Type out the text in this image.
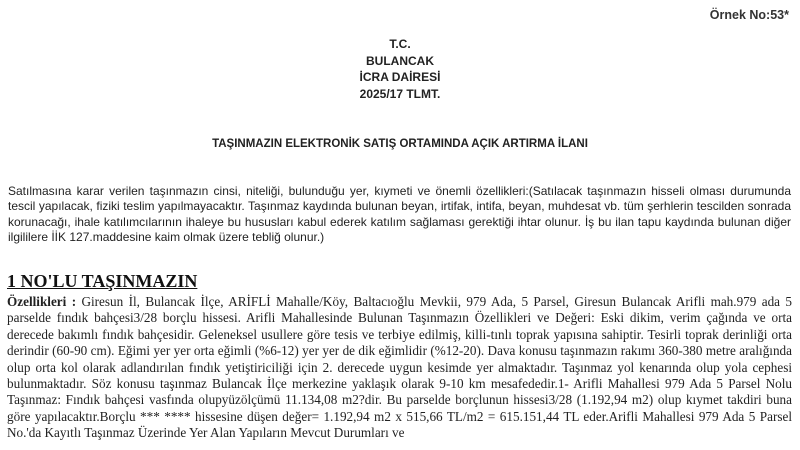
Örnek No:53*
T.C.
BULANCAK
İCRA DAİRESİ
2025/17 TLMT.
TAŞINMAZIN ELEKTRONİK SATIŞ ORTAMINDA AÇIK ARTIRMA İLANI
Satılmasına karar verilen taşınmazın cinsi, niteliği, bulunduğu yer, kıymeti ve önemli özellikleri:(Satılacak taşınmazın hisseli olması durumunda tescil yapılacak, fiziki teslim yapılmayacaktır. Taşınmaz kaydında bulunan beyan, irtifak, intifa, beyan, muhdesat vb. tüm şerhlerin tescilden sonrada korunacağı, ihale katılımcılarının ihaleye bu hususları kabul ederek katılım sağlaması gerektiği ihtar olunur. İş bu ilan tapu kaydında bulunan diğer ilgililere İİK 127.maddesine kaim olmak üzere tebliğ olunur.)
1 NO'LU TAŞINMAZIN
Özellikleri : Giresun İl, Bulancak İlçe, ARİFLİ Mahalle/Köy, Baltacıoğlu Mevkii, 979 Ada, 5 Parsel, Giresun Bulancak Arifli mah.979 ada 5 parselde fındık bahçesi3/28 borçlu hissesi. Arifli Mahallesinde Bulunan Taşınmazın Özellikleri ve Değeri: Eski dikim, verim çağında ve orta derecede bakımlı fındık bahçesidir. Geleneksel usullere göre tesis ve terbiye edilmiş, killi-tınlı toprak yapısına sahiptir. Tesirli toprak derinliği orta derindir (60-90 cm). Eğimi yer yer orta eğimli (%6-12) yer yer de dik eğimlidir (%12-20). Dava konusu taşınmazın rakımı 360-380 metre aralığında olup orta kol olarak adlandırılan fındık yetiştiriciliği için 2. derecede uygun kesimde yer almaktadır. Taşınmaz yol kenarında olup yola cephesi bulunmaktadır. Söz konusu taşınmaz Bulancak İlçe merkezine yaklaşık olarak 9-10 km mesafededir.1- Arifli Mahallesi 979 Ada 5 Parsel Nolu Taşınmaz: Fındık bahçesi vasfında olupyüzölçümü 11.134,08 m2?dir. Bu parselde borçlunun hissesi3/28 (1.192,94 m2) olup kıymet takdiri buna göre yapılacaktır.Borçlu *** **** hissesine düşen değer= 1.192,94 m2 x 515,66 TL/m2 = 615.151,44 TL eder.Arifli Mahallesi 979 Ada 5 Parsel No.'da Kayıtlı Taşınmaz Üzerinde Yer Alan Yapıların Mevcut Durumları ve
